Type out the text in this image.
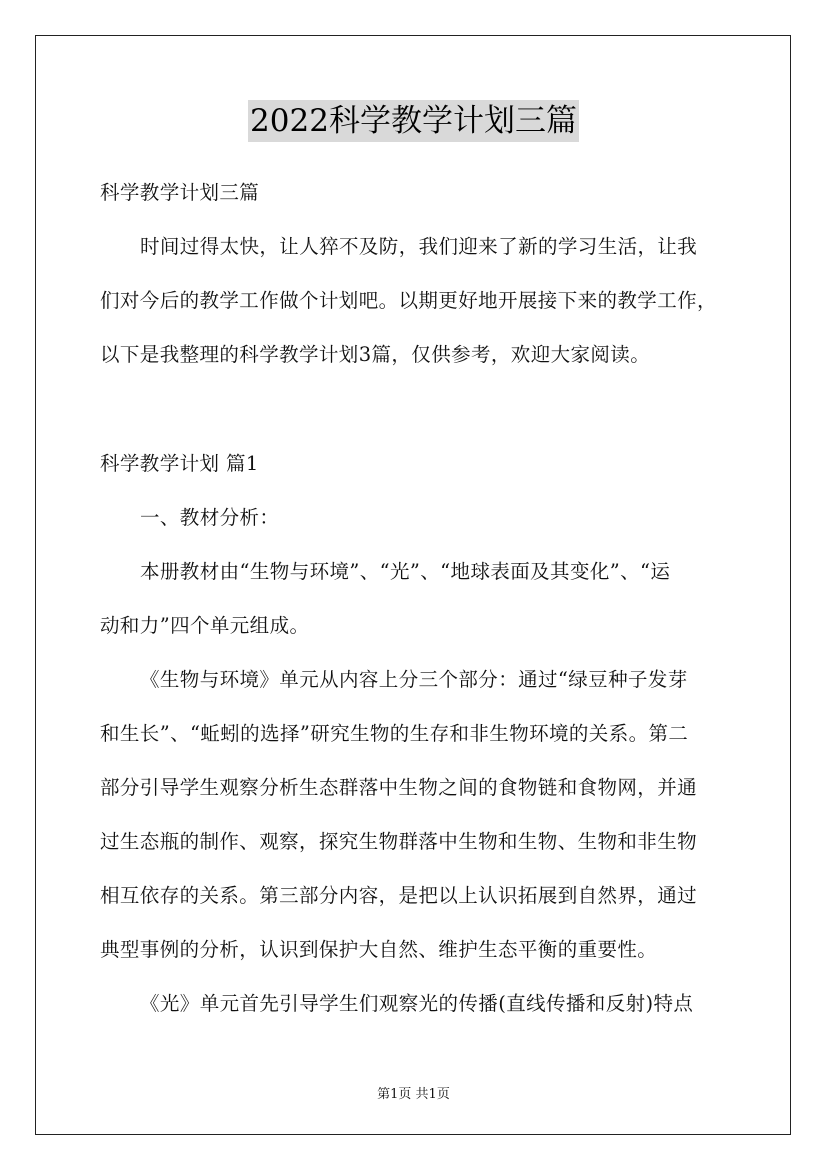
2022科学教学计划三篇
科学教学计划三篇
时间过得太快，让人猝不及防，我们迎来了新的学习生活，让我
们对今后的教学工作做个计划吧。以期更好地开展接下来的教学工作，
以下是我整理的科学教学计划3篇，仅供参考，欢迎大家阅读。
科学教学计划 篇1
一、教材分析：
本册教材由“生物与环境”、“光”、“地球表面及其变化”、“运
动和力”四个单元组成。
《生物与环境》单元从内容上分三个部分：通过“绿豆种子发芽
和生长”、“蚯蚓的选择”研究生物的生存和非生物环境的关系。第二
部分引导学生观察分析生态群落中生物之间的食物链和食物网，并通
过生态瓶的制作、观察，探究生物群落中生物和生物、生物和非生物
相互依存的关系。第三部分内容，是把以上认识拓展到自然界，通过
典型事例的分析，认识到保护大自然、维护生态平衡的重要性。
《光》单元首先引导学生们观察光的传播(直线传播和反射)特点
第1页 共1页
